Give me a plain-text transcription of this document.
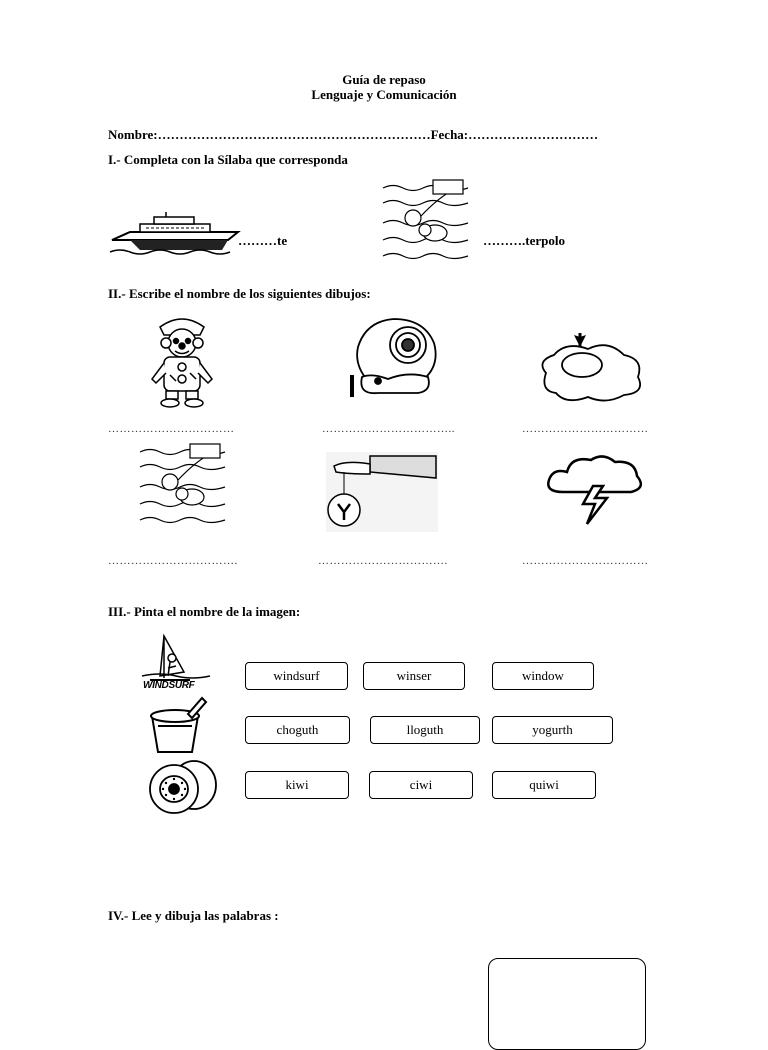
Guía de repaso
Lenguaje y Comunicación
Nombre:………………………………………………………Fecha:…………………………
I.- Completa con la Sílaba que corresponda
………te	……….terpolo
II.- Escribe el nombre de los siguientes dibujos:
……………………………	……………………………..	……………………………
…………………………….	…………………………….	……………………………
III.- Pinta el nombre de la imagen:
WINDSURF
windsurf	winser	window
choguth	lloguth	yogurth
kiwi	ciwi	quiwi
IV.- Lee y dibuja las palabras :
